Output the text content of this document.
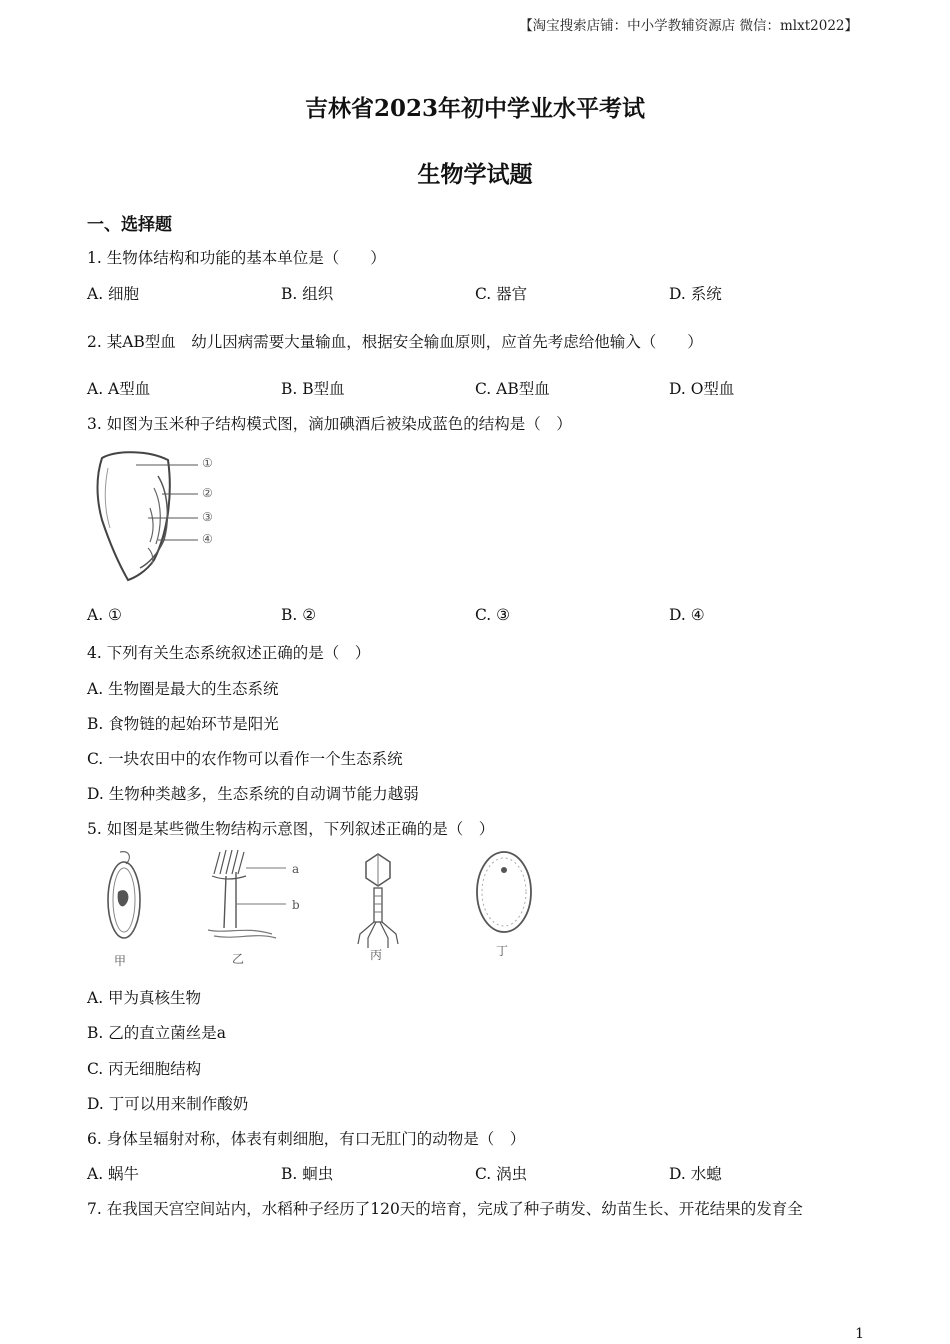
【淘宝搜索店铺：中小学教辅资源店 微信：mlxt2022】
吉林省2023年初中学业水平考试
生物学试题
一、选择题
1. 生物体结构和功能的基本单位是（　　）
A. 细胞	B. 组织	C. 器官	D. 系统
2. 某AB型血　幼儿因病需要大量输血，根据安全输血原则，应首先考虑给他输入（　　）
A. A型血	B. B型血	C. AB型血	D. O型血
3. 如图为玉米种子结构模式图，滴加碘酒后被染成蓝色的结构是（　）
①
②
③
④
A. ①	B. ②	C. ③	D. ④
4. 下列有关生态系统叙述正确的是（　）
A. 生物圈是最大的生态系统
B. 食物链的起始环节是阳光
C. 一块农田中的农作物可以看作一个生态系统
D. 生物种类越多，生态系统的自动调节能力越弱
5. 如图是某些微生物结构示意图，下列叙述正确的是（　）
a
b
甲	乙	丙	丁
A. 甲为真核生物
B. 乙的直立菌丝是a
C. 丙无细胞结构
D. 丁可以用来制作酸奶
6. 身体呈辐射对称，体表有刺细胞，有口无肛门的动物是（　）
A. 蜗牛	B. 蛔虫	C. 涡虫	D. 水螅
7. 在我国天宫空间站内，水稻种子经历了120天的培育，完成了种子萌发、幼苗生长、开花结果的发育全
1
